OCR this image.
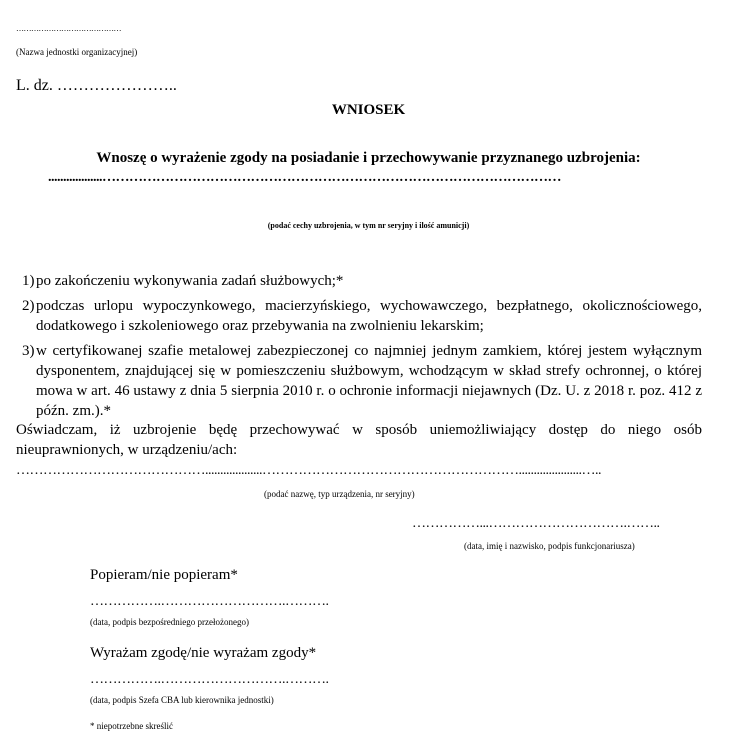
……………………………………
(Nazwa jednostki organizacyjnej)
L. dz. …………………..
WNIOSEK
Wnoszę o wyrażenie zgody na posiadanie i przechowywanie przyznanego uzbrojenia:
..................…………………………………………………………………………………………
(podać cechy uzbrojenia, w tym nr seryjny i ilość amunicji)
1) po zakończeniu wykonywania zadań służbowych;*
2) podczas urlopu wypoczynkowego, macierzyńskiego, wychowawczego, bezpłatnego, okolicznościowego, dodatkowego i szkoleniowego oraz przebywania na zwolnieniu lekarskim;
3) w certyfikowanej szafie metalowej zabezpieczonej co najmniej jednym zamkiem, której jestem wyłącznym dysponentem, znajdującej się w pomieszczeniu służbowym, wchodzącym w skład strefy ochronnej, o której mowa w art. 46 ustawy z dnia 5 sierpnia 2010 r. o ochronie informacji niejawnych (Dz. U. z 2018 r. poz. 412 z późn. zm.).*
Oświadczam, iż uzbrojenie będę przechowywać w sposób uniemożliwiający dostęp do niego osób nieuprawnionych, w urządzeniu/ach:
……………………………………...................………………………………………………….....................…..
(podać nazwę, typ urządzenia, nr seryjny)
……………...………………………….……..
(data, imię i nazwisko, podpis funkcjonariusza)
Popieram/nie popieram*
…………….……………………….……….
(data, podpis bezpośredniego przełożonego)
Wyrażam zgodę/nie wyrażam zgody*
…………….……………………….……….
(data, podpis Szefa CBA lub kierownika jednostki)
* niepotrzebne skreślić
